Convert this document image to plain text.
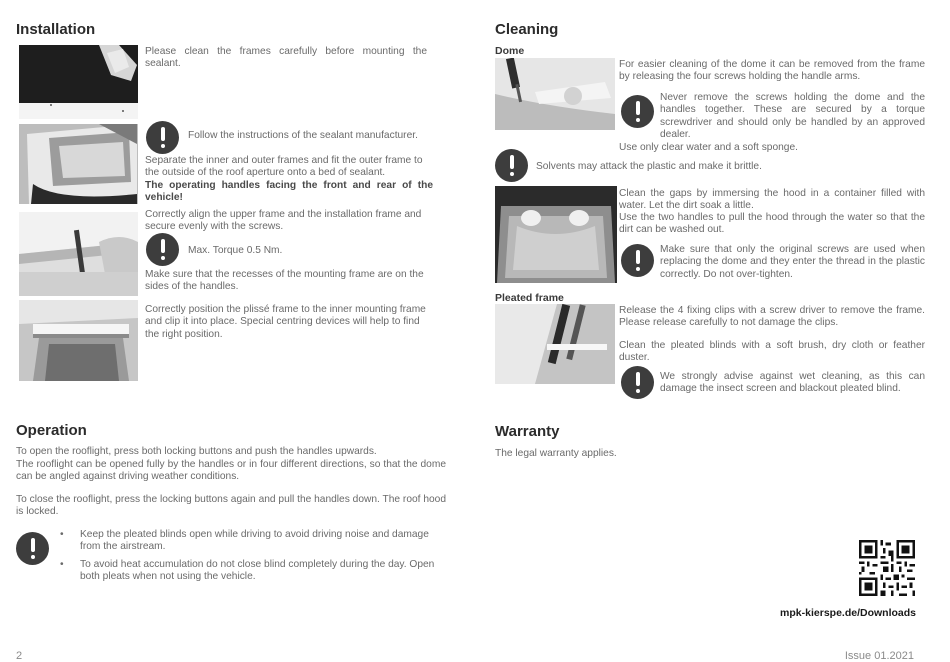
Installation
Please clean the frames carefully before mounting the sealant.
Follow the instructions of the sealant manufacturer.
Separate the inner and outer frames and fit the outer frame to the outside of the roof aperture onto a bed of sealant.
The operating handles facing the front and rear of the vehicle!
Correctly align the upper frame and the installation frame and secure evenly with the screws.
Max. Torque 0.5 Nm.
Make sure that the recesses of the mounting frame are on the sides of the handles.
Correctly position the plissé frame to the inner mounting frame and clip it into place. Special centring devices will help to find the right position.
Operation
To open the rooflight, press both locking buttons and push the handles upwards.
The rooflight can be opened fully by the handles or in four different directions, so that the dome can be angled against driving weather conditions.
To close the rooflight, press the locking buttons again and pull the handles down. The roof hood is locked.
• Keep the pleated blinds open while driving to avoid driving noise and damage from the airstream.
• To avoid heat accumulation do not close blind completely during the day. Open both pleats when not using the vehicle.
Cleaning
Dome
For easier cleaning of the dome it can be removed from the frame by releasing the four screws holding the handle arms.
Never remove the screws holding the dome and the handles together. These are secured by a torque screwdriver and should only be handled by an approved dealer.
Use only clear water and a soft sponge.
Solvents may attack the plastic and make it brittle.
Clean the gaps by immersing the hood in a container filled with water. Let the dirt soak a little.
Use the two handles to pull the hood through the water so that the dirt can be washed out.
Make sure that only the original screws are used when replacing the dome and they enter the thread in the plastic correctly. Do not over-tighten.
Pleated frame
Release the 4 fixing clips with a screw driver to remove the frame. Please release carefully to not damage the clips.
Clean the pleated blinds with a soft brush, dry cloth or feather duster.
We strongly advise against wet cleaning, as this can damage the insect screen and blackout pleated blind.
Warranty
The legal warranty applies.
mpk-kierspe.de/Downloads
2	Issue 01.2021
